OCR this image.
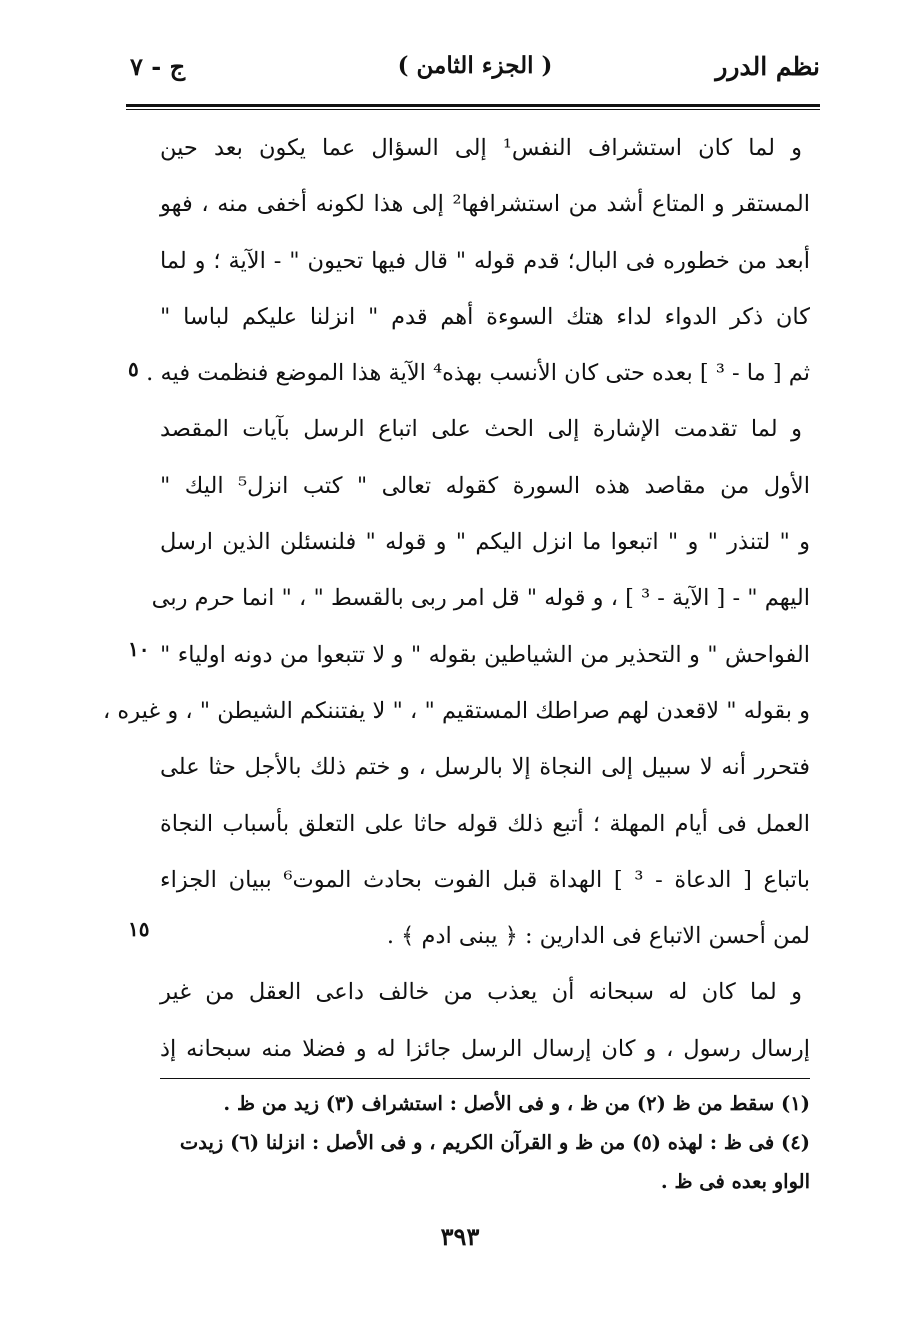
نظم الدرر
( الجزء الثامن )
ج - ٧
و لما كان استشراف النفس¹ إلى السؤال عما يكون بعد حين
المستقر و المتاع أشد من استشرافها² إلى هذا لكونه أخفى منه ، فهو
أبعد من خطوره فى البال؛ قدم قوله " قال فيها تحيون " - الآية ؛ و لما
كان ذكر الدواء لداء هتك السوءة أهم قدم " انزلنا عليكم لباسا "
ثم [ ما - ³ ] بعده حتى كان الأنسب بهذه⁴ الآية هذا الموضع فنظمت فيه .
و لما تقدمت الإشارة إلى الحث على اتباع الرسل بآيات المقصد
الأول من مقاصد هذه السورة كقوله تعالى " كتب انزل⁵ اليك "
و " لتنذر " و " اتبعوا ما انزل اليكم " و قوله " فلنسئلن الذين ارسل
اليهم " - [ الآية - ³ ] ، و قوله " قل امر ربى بالقسط " ، " انما حرم ربى
الفواحش " و التحذير من الشياطين بقوله " و لا تتبعوا من دونه اولياء "
و بقوله " لاقعدن لهم صراطك المستقيم " ، " لا يفتننكم الشيطن " ، و غيره ،
فتحرر أنه لا سبيل إلى النجاة إلا بالرسل ، و ختم ذلك بالأجل حثا على
العمل فى أيام المهلة ؛ أتبع ذلك قوله حاثا على التعلق بأسباب النجاة
باتباع [ الدعاة - ³ ] الهداة قبل الفوت بحادث الموت⁶ ببيان الجزاء
لمن أحسن الاتباع فى الدارين : ﴿ يبنى ادم ﴾ .
و لما كان له سبحانه أن يعذب من خالف داعى العقل من غير
إرسال رسول ، و كان إرسال الرسل جائزا له و فضلا منه سبحانه إذ
٥
١٠
١٥
(١) سقط من ظ (٢) من ظ ، و فى الأصل : استشراف (٣) زيد من ظ .
(٤) فى ظ : لهذه (٥) من ظ و القرآن الكريم ، و فى الأصل : انزلنا (٦) زيدت
الواو بعده فى ظ .
٣٩٣
